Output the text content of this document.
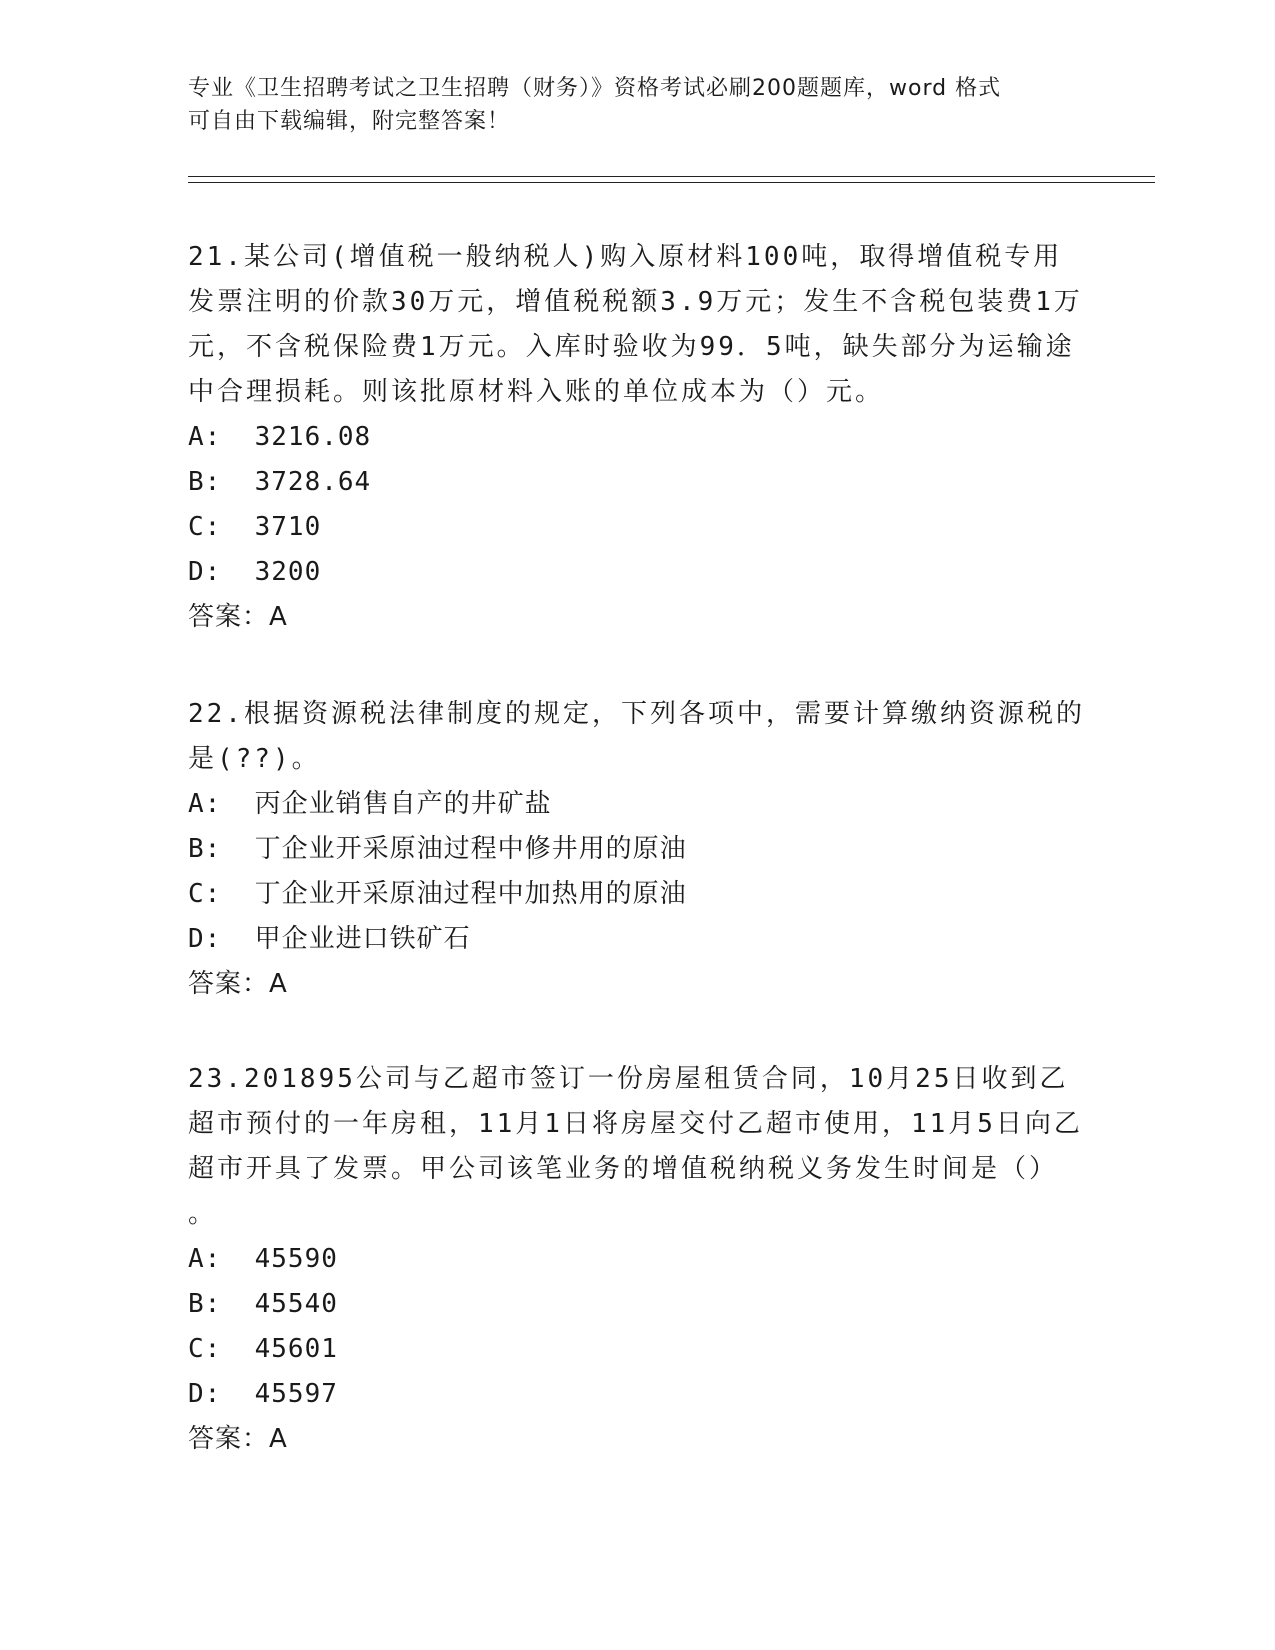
专业《卫生招聘考试之卫生招聘（财务）》资格考试必刷200题题库，word 格式
可自由下载编辑，附完整答案！

21.某公司(增值税一般纳税人)购入原材料100吨，取得增值税专用发票注明的价款30万元，增值税税额3.9万元；发生不含税包装费1万元，不含税保险费1万元。入库时验收为99．5吨，缺失部分为运输途中合理损耗。则该批原材料入账的单位成本为（）元。

A:  3216.08

B:  3728.64

C:  3710

D:  3200

答案：A

22.根据资源税法律制度的规定，下列各项中，需要计算缴纳资源税的是(??)。

A:  丙企业销售自产的井矿盐

B:  丁企业开采原油过程中修井用的原油

C:  丁企业开采原油过程中加热用的原油

D:  甲企业进口铁矿石

答案：A

23.201895公司与乙超市签订一份房屋租赁合同，10月25日收到乙超市预付的一年房租，11月1日将房屋交付乙超市使用，11月5日向乙超市开具了发票。甲公司该笔业务的增值税纳税义务发生时间是（）
。

A:  45590

B:  45540

C:  45601

D:  45597

答案：A
